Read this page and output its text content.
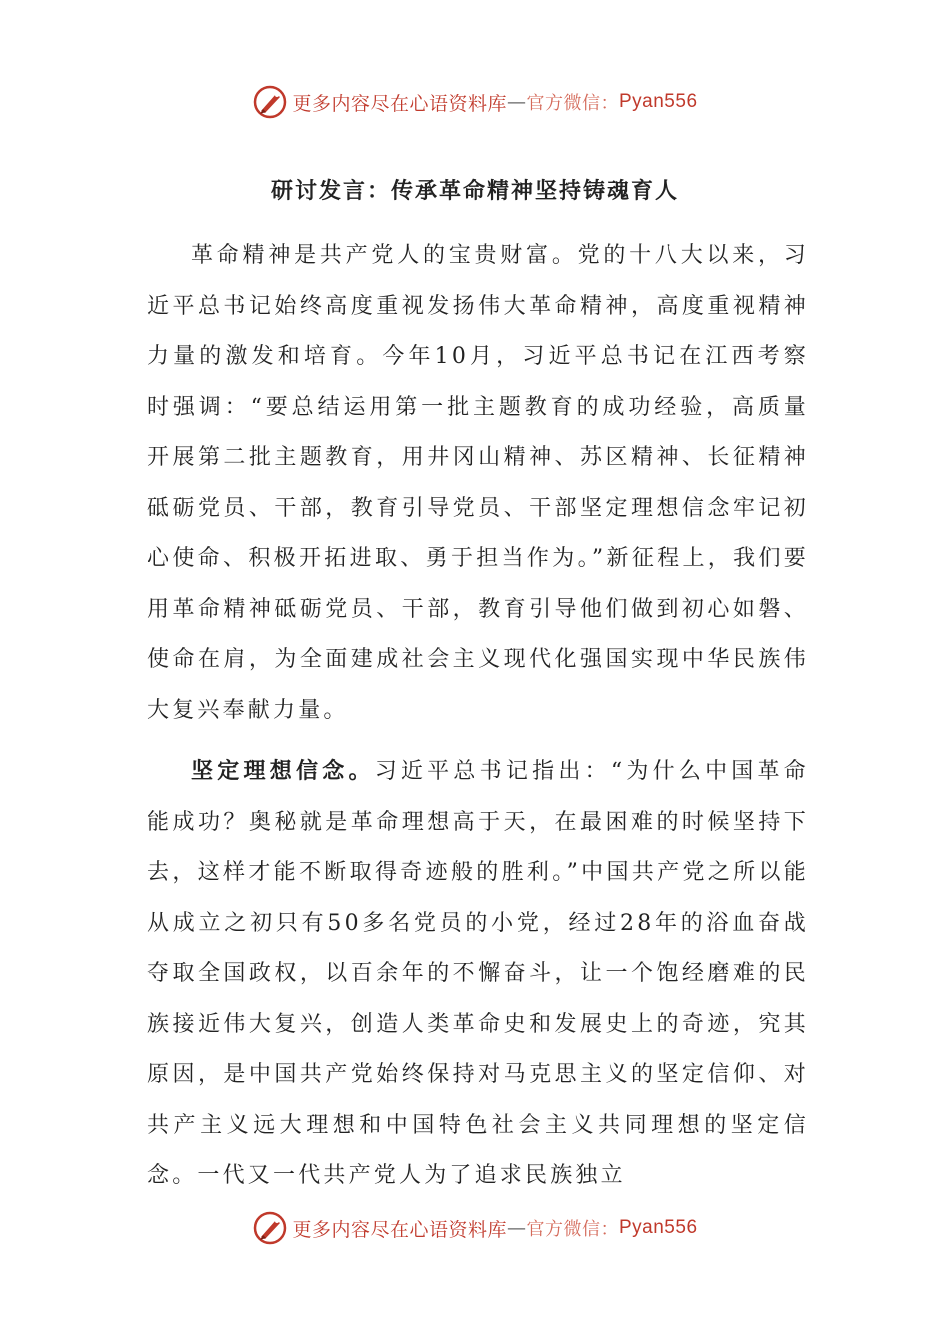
更多内容尽在心语资料库 — 官方微信： Pyan556
研讨发言：传承革命精神坚持铸魂育人

革命精神是共产党人的宝贵财富。党的十八大以来，习近平总书记始终高度重视发扬伟大革命精神，高度重视精神力量的激发和培育。今年10月，习近平总书记在江西考察时强调：“要总结运用第一批主题教育的成功经验，高质量开展第二批主题教育，用井冈山精神、苏区精神、长征精神砥砺党员、干部，教育引导党员、干部坚定理想信念牢记初心使命、积极开拓进取、勇于担当作为。”新征程上，我们要用革命精神砥砺党员、干部，教育引导他们做到初心如磐、使命在肩，为全面建成社会主义现代化强国实现中华民族伟大复兴奉献力量。

坚定理想信念。习近平总书记指出：“为什么中国革命能成功？奥秘就是革命理想高于天，在最困难的时候坚持下去，这样才能不断取得奇迹般的胜利。”中国共产党之所以能从成立之初只有50多名党员的小党，经过28年的浴血奋战夺取全国政权，以百余年的不懈奋斗，让一个饱经磨难的民族接近伟大复兴，创造人类革命史和发展史上的奇迹，究其原因，是中国共产党始终保持对马克思主义的坚定信仰、对共产主义远大理想和中国特色社会主义共同理想的坚定信念。一代又一代共产党人为了追求民族独立

更多内容尽在心语资料库 — 官方微信： Pyan556
